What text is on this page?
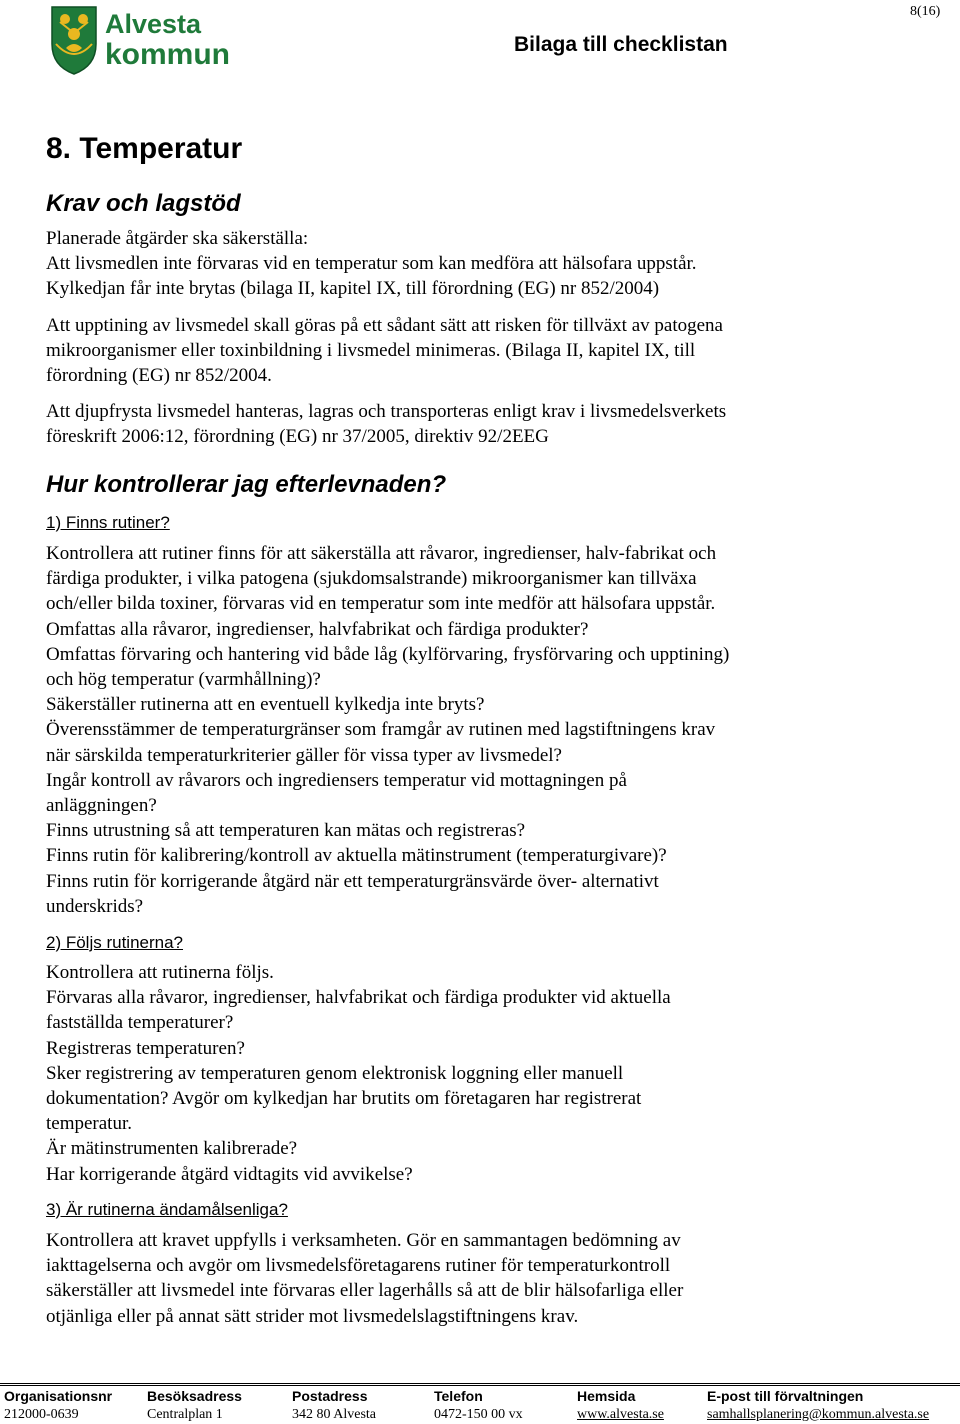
8(16)
Alvesta
kommun	Bilaga till checklistan
8. Temperatur
Krav och lagstöd
Planerade åtgärder ska säkerställa:
Att livsmedlen inte förvaras vid en temperatur som kan medföra att hälsofara uppstår.
Kylkedjan får inte brytas (bilaga II, kapitel IX, till förordning (EG) nr 852/2004)
Att upptining av livsmedel skall göras på ett sådant sätt att risken för tillväxt av patogena
mikroorganismer eller toxinbildning i livsmedel minimeras. (Bilaga II, kapitel IX, till
förordning (EG) nr 852/2004.
Att djupfrysta livsmedel hanteras, lagras och transporteras enligt krav i livsmedelsverkets
föreskrift 2006:12, förordning (EG) nr 37/2005, direktiv 92/2EEG
Hur kontrollerar jag efterlevnaden?
1) Finns rutiner?
Kontrollera att rutiner finns för att säkerställa att råvaror, ingredienser, halv-fabrikat och
färdiga produkter, i vilka patogena (sjukdomsalstrande) mikroorganismer kan tillväxa
och/eller bilda toxiner, förvaras vid en temperatur som inte medför att hälsofara uppstår.
Omfattas alla råvaror, ingredienser, halvfabrikat och färdiga produkter?
Omfattas förvaring och hantering vid både låg (kylförvaring, frysförvaring och upptining)
och hög temperatur (varmhållning)?
Säkerställer rutinerna att en eventuell kylkedja inte bryts?
Överensstämmer de temperaturgränser som framgår av rutinen med lagstiftningens krav
när särskilda temperaturkriterier gäller för vissa typer av livsmedel?
Ingår kontroll av råvarors och ingrediensers temperatur vid mottagningen på
anläggningen?
Finns utrustning så att temperaturen kan mätas och registreras?
Finns rutin för kalibrering/kontroll av aktuella mätinstrument (temperaturgivare)?
Finns rutin för korrigerande åtgärd när ett temperaturgränsvärde över- alternativt
underskrids?
2) Följs rutinerna?
Kontrollera att rutinerna följs.
Förvaras alla råvaror, ingredienser, halvfabrikat och färdiga produkter vid aktuella
fastställda temperaturer?
Registreras temperaturen?
Sker registrering av temperaturen genom elektronisk loggning eller manuell
dokumentation? Avgör om kylkedjan har brutits om företagaren har registrerat
temperatur.
Är mätinstrumenten kalibrerade?
Har korrigerande åtgärd vidtagits vid avvikelse?
3) Är rutinerna ändamålsenliga?
Kontrollera att kravet uppfylls i verksamheten. Gör en sammantagen bedömning av
iakttagelserna och avgör om livsmedelsföretagarens rutiner för temperaturkontroll
säkerställer att livsmedel inte förvaras eller lagerhålls så att de blir hälsofarliga eller
otjänliga eller på annat sätt strider mot livsmedelslagstiftningens krav.
Organisationsnr
212000-0639
Besöksadress
Centralplan 1
Postadress
342 80 Alvesta
Telefon
0472-150 00 vx
Hemsida
www.alvesta.se
E-post till förvaltningen
samhallsplanering@kommun.alvesta.se
